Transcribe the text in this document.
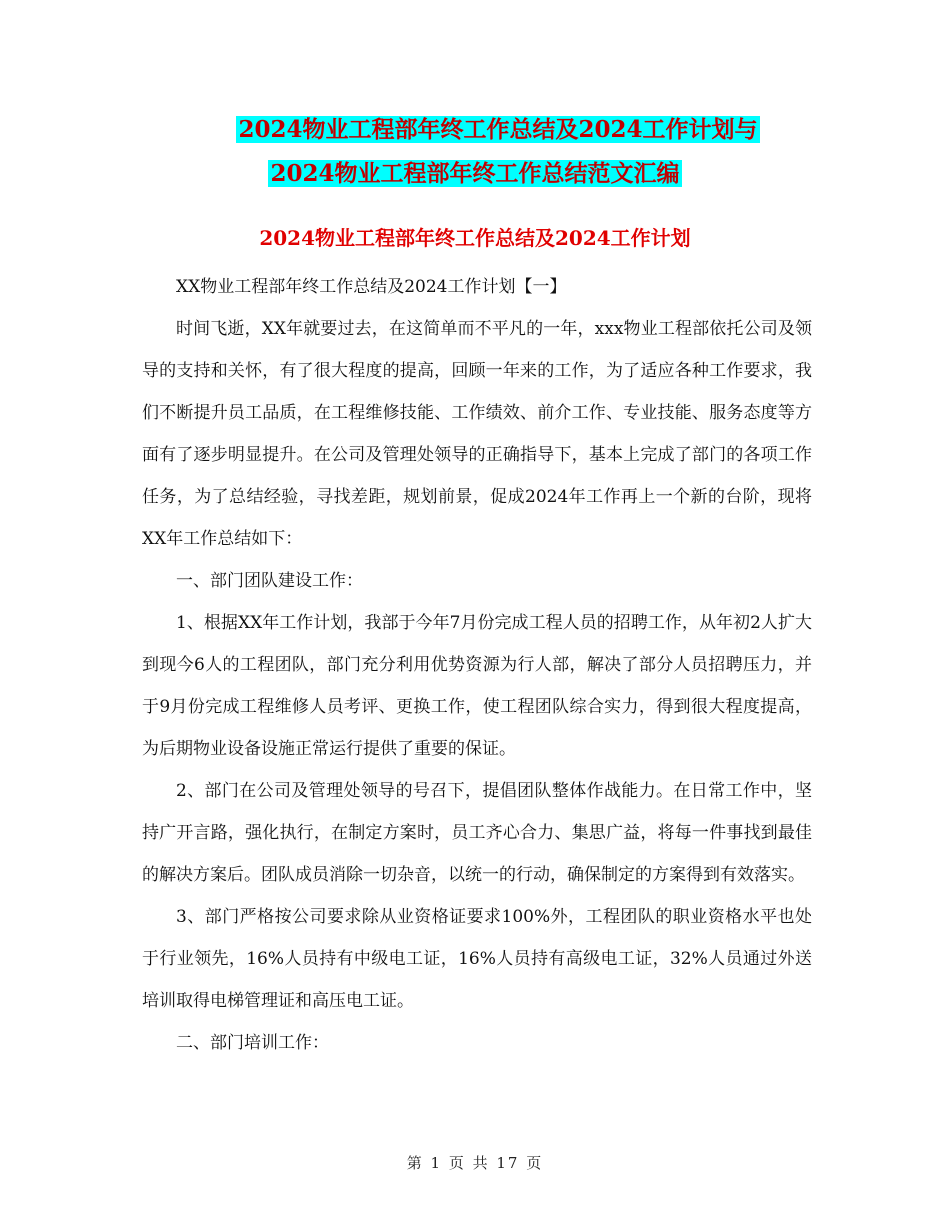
2024物业工程部年终工作总结及2024工作计划与
2024物业工程部年终工作总结范文汇编
2024物业工程部年终工作总结及2024工作计划

XX物业工程部年终工作总结及2024工作计划【一】

时间飞逝，XX年就要过去，在这简单而不平凡的一年，xxx物业工程部依托公司及领导的支持和关怀，有了很大程度的提高，回顾一年来的工作，为了适应各种工作要求，我们不断提升员工品质，在工程维修技能、工作绩效、前介工作、专业技能、服务态度等方面有了逐步明显提升。在公司及管理处领导的正确指导下，基本上完成了部门的各项工作任务，为了总结经验，寻找差距，规划前景，促成2024年工作再上一个新的台阶，现将XX年工作总结如下：

一、部门团队建设工作：

1、根据XX年工作计划，我部于今年7月份完成工程人员的招聘工作，从年初2人扩大到现今6人的工程团队，部门充分利用优势资源为行人部，解决了部分人员招聘压力，并于9月份完成工程维修人员考评、更换工作，使工程团队综合实力，得到很大程度提高，为后期物业设备设施正常运行提供了重要的保证。

2、部门在公司及管理处领导的号召下，提倡团队整体作战能力。在日常工作中，坚持广开言路，强化执行，在制定方案时，员工齐心合力、集思广益，将每一件事找到最佳的解决方案后。团队成员消除一切杂音，以统一的行动，确保制定的方案得到有效落实。

3、部门严格按公司要求除从业资格证要求100%外，工程团队的职业资格水平也处于行业领先，16%人员持有中级电工证，16%人员持有高级电工证，32%人员通过外送培训取得电梯管理证和高压电工证。

二、部门培训工作：

第 1 页 共 17 页
